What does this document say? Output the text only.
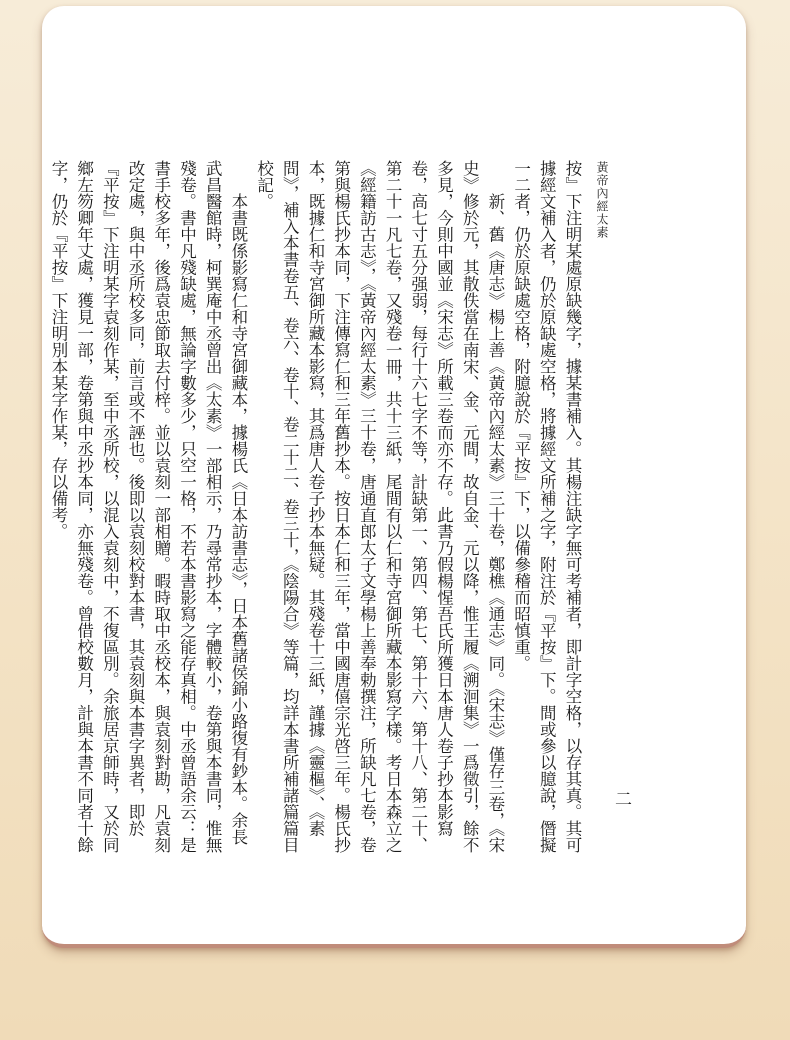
黃帝內經太素
二

按』下注明某處原缺幾字，據某書補入。其楊注缺字無可考補者，即計字空格，以存其真。其可據經文補入者，仍於原缺處空格，將據經文所補之字，附注於『平按』下。間或參以臆說，僭擬一二者，仍於原缺處空格，附臆說於『平按』下，以備參稽而昭慎重。

新、舊《唐志》楊上善《黃帝內經太素》三十卷，鄭樵《通志》同。《宋志》僅存三卷，《宋史》修於元，其散佚當在南宋、金、元間，故自金、元以降，惟王履《溯洄集》一爲徵引，餘不多見，今則中國並《宋志》所載三卷而亦不存。此書乃假楊惺吾氏所獲日本唐人卷子抄本影寫卷，高七寸五分强弱，每行十六七字不等，計缺第一、第四、第七、第十六、第十八、第二十、第二十一凡七卷，又殘卷一冊，共十三紙，尾間有以仁和寺宮御所藏本影寫字樣。考日本森立之《經籍訪古志》，《黃帝內經太素》三十卷，唐通直郎太子文學楊上善奉勅撰注，所缺凡七卷，卷第與楊氏抄本同，下注傳寫仁和三年舊抄本。按日本仁和三年，當中國唐僖宗光啓三年。楊氏抄本，既據仁和寺宮御所藏本影寫，其爲唐人卷子抄本無疑。其殘卷十三紙，謹據《靈樞》、《素問》，補入本書卷五、卷六、卷十、卷二十二、卷三十，《陰陽合》等篇，均詳本書所補諸篇篇目校記。

本書既係影寫仁和寺宮御藏本，據楊氏《日本訪書志》，日本舊諸侯錦小路復有鈔本。余長武昌醫館時，柯巽庵中丞曾出《太素》一部相示，乃尋常抄本，字體較小，卷第與本書同，惟無殘卷。書中凡殘缺處，無論字數多少，只空一格，不若本書影寫之能存真相。中丞曾語余云：是書手校多年，後爲袁忠節取去付梓。並以袁刻一部相贈。暇時取中丞校本，與袁刻對勘，凡袁刻改定處，與中丞所校多同，前言或不誣也。後即以袁刻校對本書，其袁刻與本書字異者，即於『平按』下注明某字袁刻作某，至中丞所校，以混入袁刻中，不復區別。余旅居京師時，又於同鄉左笏卿年丈處，獲見一部，卷第與中丞抄本同，亦無殘卷。曾借校數月，計與本書不同者十餘字，仍於『平按』下注明別本某字作某，存以備考。
